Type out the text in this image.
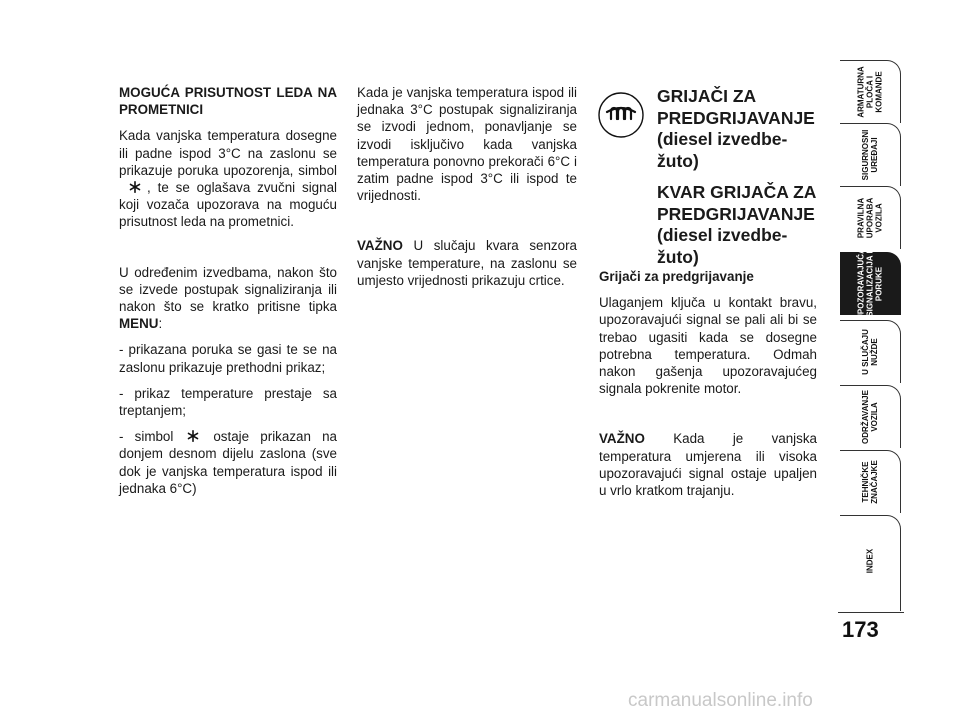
MOGUĆA PRISUTNOST LEDA NA PROMETNICI

Kada vanjska temperatura dosegne ili padne ispod 3°C na zaslonu se prikazuje poruka upozorenja, simbol
, te se oglašava zvučni signal koji vozača upozorava na moguću prisutnost leda na prometnici.

U određenim izvedbama, nakon što se izvede postupak signaliziranja ili nakon što se kratko pritisne tipka MENU:

- prikazana poruka se gasi te se na zaslonu prikazuje prethodni prikaz;

- prikaz temperature prestaje sa treptanjem;

- simbol	ostaje prikazan na donjem desnom dijelu zaslona (sve dok je vanjska temperatura ispod ili jednaka 6°C)

Kada je vanjska temperatura ispod ili jednaka 3°C postupak signaliziranja se izvodi jednom, ponavljanje se izvodi isključivo kada vanjska temperatura ponovno prekorači 6°C i zatim padne ispod 3°C ili ispod te vrijednosti.

VAŽNO U slučaju kvara senzora vanjske temperature, na zaslonu se umjesto vrijednosti prikazuju crtice.

GRIJAČI ZA PREDGRIJAVANJE (diesel izvedbe-žuto)
KVAR GRIJAČA ZA PREDGRIJAVANJE (diesel izvedbe-žuto)

Grijači za predgrijavanje

Ulaganjem ključa u kontakt bravu, upozoravajući signal se pali ali bi se trebao ugasiti kada se dosegne potrebna temperatura. Odmah nakon gašenja upozoravajućeg signala pokrenite motor.

VAŽNO Kada je vanjska temperatura umjerena ili visoka upozoravajući signal ostaje upaljen u vrlo kratkom trajanju.

ARMATURNA
PLOČA I
KOMANDE
SIGURNOSNI
UREĐAJI
PRAVILNA
UPORABA
VOZILA
UPOZORAVAJUĆA
SIGNALIZACIJA I
PORUKE
U SLUČAJU
NUŽDE
ODRŽAVANJE
VOZILA
TEHNIČKE
ZNAČAJKE
INDEX
173
carmanualsonline.info
